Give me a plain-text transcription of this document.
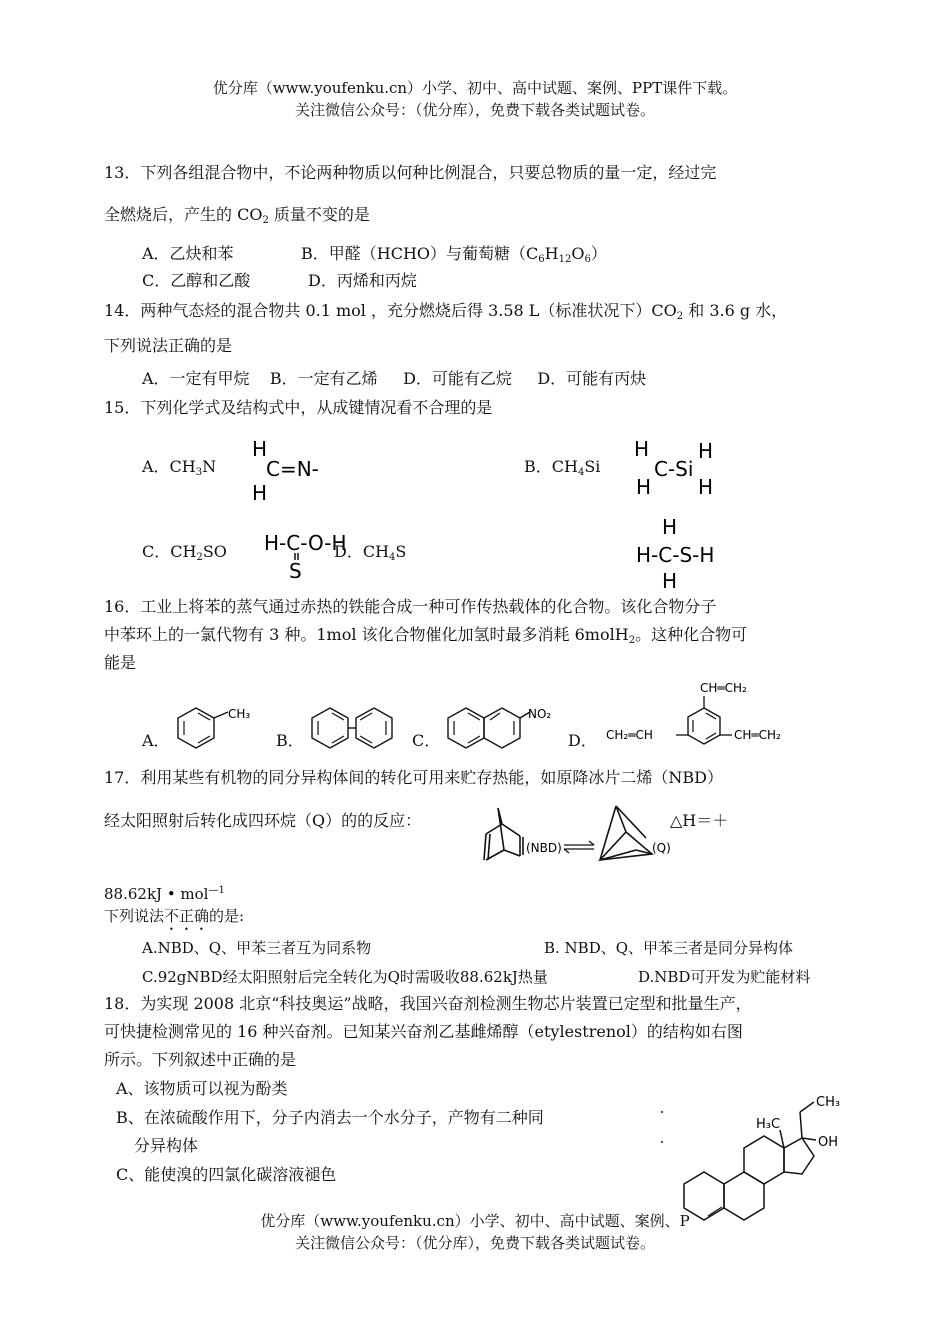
优分库（www.youfenku.cn）小学、初中、高中试题、案例、PPT课件下载。
关注微信公众号：（优分库），免费下载各类试题试卷。
13．下列各组混合物中，不论两种物质以何种比例混合，只要总物质的量一定，经过完
全燃烧后，产生的 $CO_2$ 质量不变的是
A．乙炔和苯	B．甲醛（HCHO）与葡萄糖$(C_6H_{12}O_6)$
C．乙醇和乙酸	D．丙烯和丙烷
14．两种气态烃的混合物共 0.1 mol ，充分燃烧后得 3.58 L（标准状况下）$CO_2$ 和 3.6 g 水，
下列说法正确的是
A．一定有甲烷    B．一定有乙烯     D．可能有乙烷     D．可能有丙炔
15．下列化学式及结构式中，从成键情况看不合理的是
A．$CH_3N$
H
C=N-
H
B．$CH_4Si$
H H
C-Si
H H
C．$CH_2SO$ H-C-O-H
S
D．$CH_4S$
H
H-C-S-H
H
16．工业上将苯的蒸气通过赤热的铁能合成一种可作传热载体的化合物。该化合物分子
中苯环上的一氯代物有 3 种。1mol 该化合物催化加氢时最多消耗 6molH$_2$。这种化合物可
能是
A．
CH₃
B．	C．
NO₂
D．
CH═CH₂
CH₂═CH	CH═CH₂
17．利用某些有机物的同分异构体间的转化可用来贮存热能，如原降冰片二烯（NBD）
经太阳照射后转化成四环烷（Q）的的反应：
(NBD)	(Q)
△H＝＋
88.62kJ • mol$^{—1}$
下列说法不正确的是:
A.NBD、Q、甲苯三者互为同系物	B. NBD、Q、甲苯三者是同分异构体
C.92gNBD经太阳照射后完全转化为Q时需吸收88.62kJ热量	D.NBD可开发为贮能材料
18．为实现 2008 北京“科技奥运”战略，我国兴奋剂检测生物芯片装置已定型和批量生产，
可快捷检测常见的 16 种兴奋剂。已知某兴奋剂乙基雌烯醇（etylestrenol）的结构如右图
所示。下列叙述中正确的是
A、该物质可以视为酚类
B、在浓硫酸作用下，分子内消去一个水分子，产物有二种同
分异构体
C、能使溴的四氯化碳溶液褪色
H₃C
CH₃
OH
优分库（www.youfenku.cn）小学、初中、高中试题、案例、P
关注微信公众号：（优分库），免费下载各类试题试卷。
